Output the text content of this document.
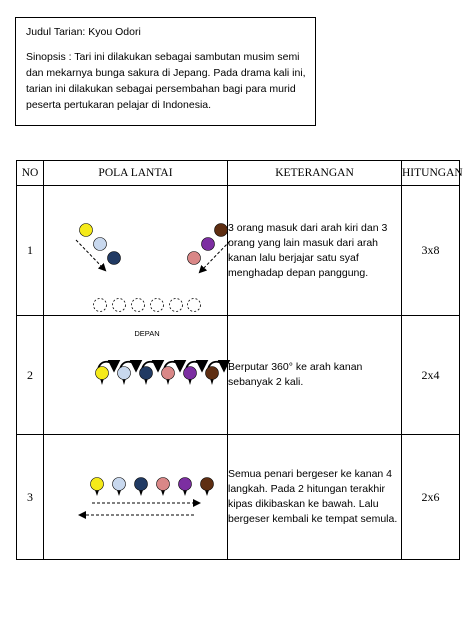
Judul Tarian: Kyou Odori

Sinopsis : Tari ini dilakukan sebagai sambutan musim semi

dan mekarnya bunga sakura di Jepang. Pada drama kali ini,

tarian ini dilakukan sebagai persembahan bagi para murid

peserta pertukaran pelajar di Indonesia.

NO	POLA LANTAI	KETERANGAN	HITUNGAN
1	DEPAN	3 orang masuk dari arah kiri dan 3
orang yang lain masuk dari arah
kanan lalu berjajar satu syaf
menghadap depan panggung.	3x8
2		Berputar 360° ke arah kanan
sebanyak 2 kali.	2x4
3		Semua penari bergeser ke kanan 4
langkah. Pada 2 hitungan terakhir
kipas dikibaskan ke bawah. Lalu
bergeser kembali ke tempat semula.	2x6
